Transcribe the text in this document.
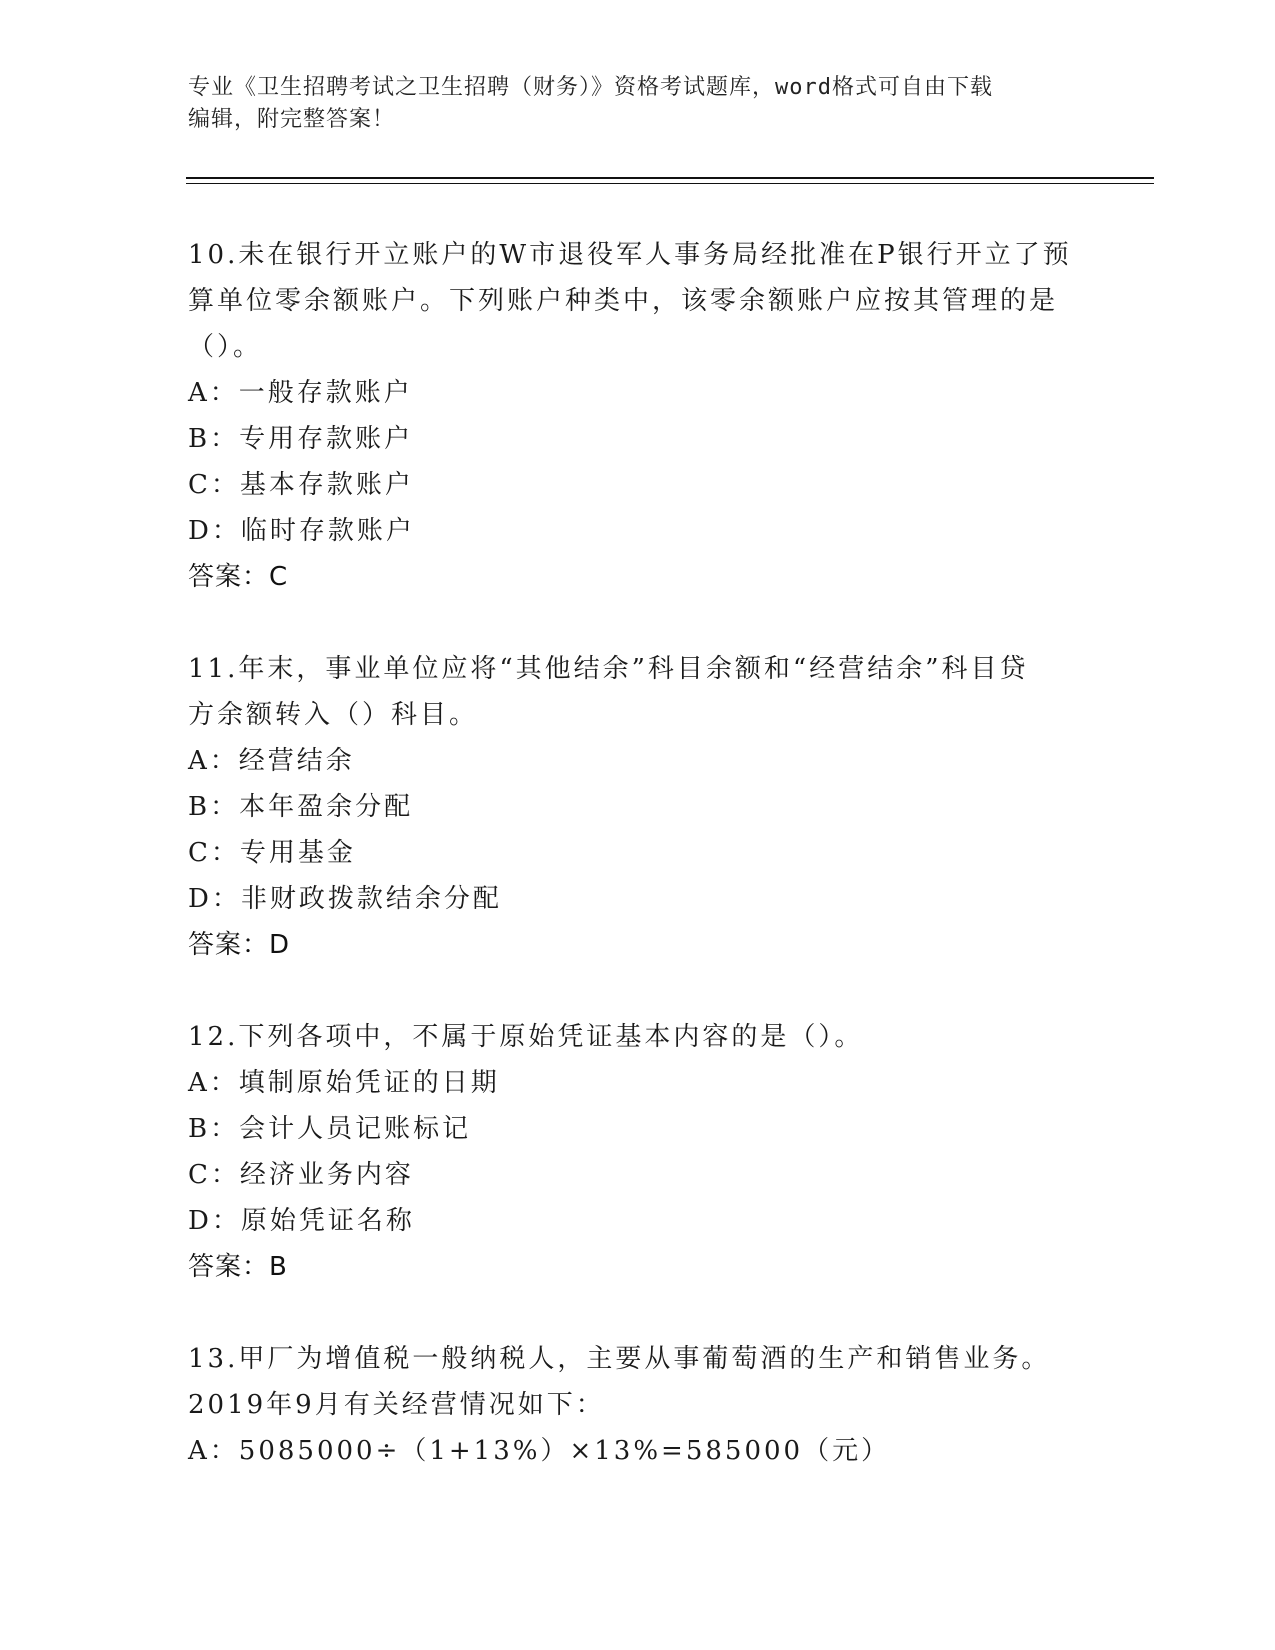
专业《卫生招聘考试之卫生招聘（财务）》资格考试题库，word格式可自由下载
编辑，附完整答案！

10.未在银行开立账户的W市退役军人事务局经批准在P银行开立了预

算单位零余额账户。下列账户种类中，该零余额账户应按其管理的是

（）。

A：一般存款账户

B：专用存款账户

C：基本存款账户

D：临时存款账户

答案：C

11.年末，事业单位应将“其他结余”科目余额和“经营结余”科目贷

方余额转入（）科目。

A：经营结余

B：本年盈余分配

C：专用基金

D：非财政拨款结余分配

答案：D

12.下列各项中，不属于原始凭证基本内容的是（）。

A：填制原始凭证的日期

B：会计人员记账标记

C：经济业务内容

D：原始凭证名称

答案：B

13.甲厂为增值税一般纳税人，主要从事葡萄酒的生产和销售业务。

2019年9月有关经营情况如下：

A：5085000÷（1+13%）×13%=585000（元）
